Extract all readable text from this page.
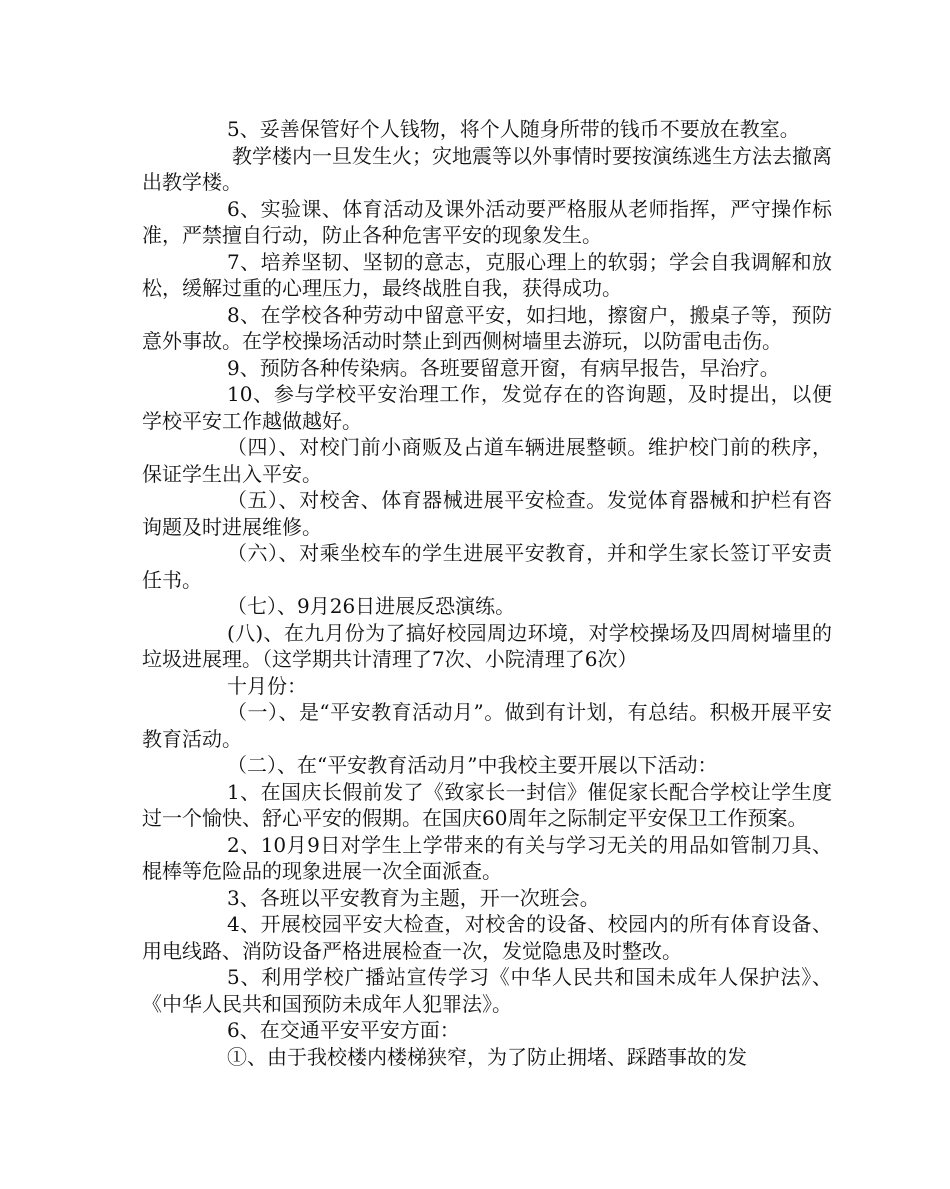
5、妥善保管好个人钱物，将个人随身所带的钱币不要放在教室。

教学楼内一旦发生火；灾地震等以外事情时要按演练逃生方法去撤离出教学楼。

6、实验课、体育活动及课外活动要严格服从老师指挥，严守操作标准，严禁擅自行动，防止各种危害平安的现象发生。

7、培养坚韧、坚韧的意志，克服心理上的软弱；学会自我调解和放松，缓解过重的心理压力，最终战胜自我，获得成功。

8、在学校各种劳动中留意平安，如扫地，擦窗户，搬桌子等，预防意外事故。在学校操场活动时禁止到西侧树墙里去游玩，以防雷电击伤。

9、预防各种传染病。各班要留意开窗，有病早报告，早治疗。

10、参与学校平安治理工作，发觉存在的咨询题，及时提出，以便学校平安工作越做越好。

（四）、对校门前小商贩及占道车辆进展整顿。维护校门前的秩序，保证学生出入平安。

（五）、对校舍、体育器械进展平安检查。发觉体育器械和护栏有咨询题及时进展维修。

（六）、对乘坐校车的学生进展平安教育，并和学生家长签订平安责任书。

（七）、9月26日进展反恐演练。

(八)、在九月份为了搞好校园周边环境，对学校操场及四周树墙里的垃圾进展理。（这学期共计清理了7次、小院清理了6次）

十月份：

（一）、是“平安教育活动月”。做到有计划，有总结。积极开展平安教育活动。

（二）、在“平安教育活动月”中我校主要开展以下活动：

1、在国庆长假前发了《致家长一封信》催促家长配合学校让学生度过一个愉快、舒心平安的假期。在国庆60周年之际制定平安保卫工作预案。

2、10月9日对学生上学带来的有关与学习无关的用品如管制刀具、棍棒等危险品的现象进展一次全面派查。

3、各班以平安教育为主题，开一次班会。

4、开展校园平安大检查，对校舍的设备、校园内的所有体育设备、用电线路、消防设备严格进展检查一次，发觉隐患及时整改。

5、利用学校广播站宣传学习《中华人民共和国未成年人保护法》、《中华人民共和国预防未成年人犯罪法》。

6、在交通平安平安方面：

①、由于我校楼内楼梯狭窄，为了防止拥堵、踩踏事故的发
